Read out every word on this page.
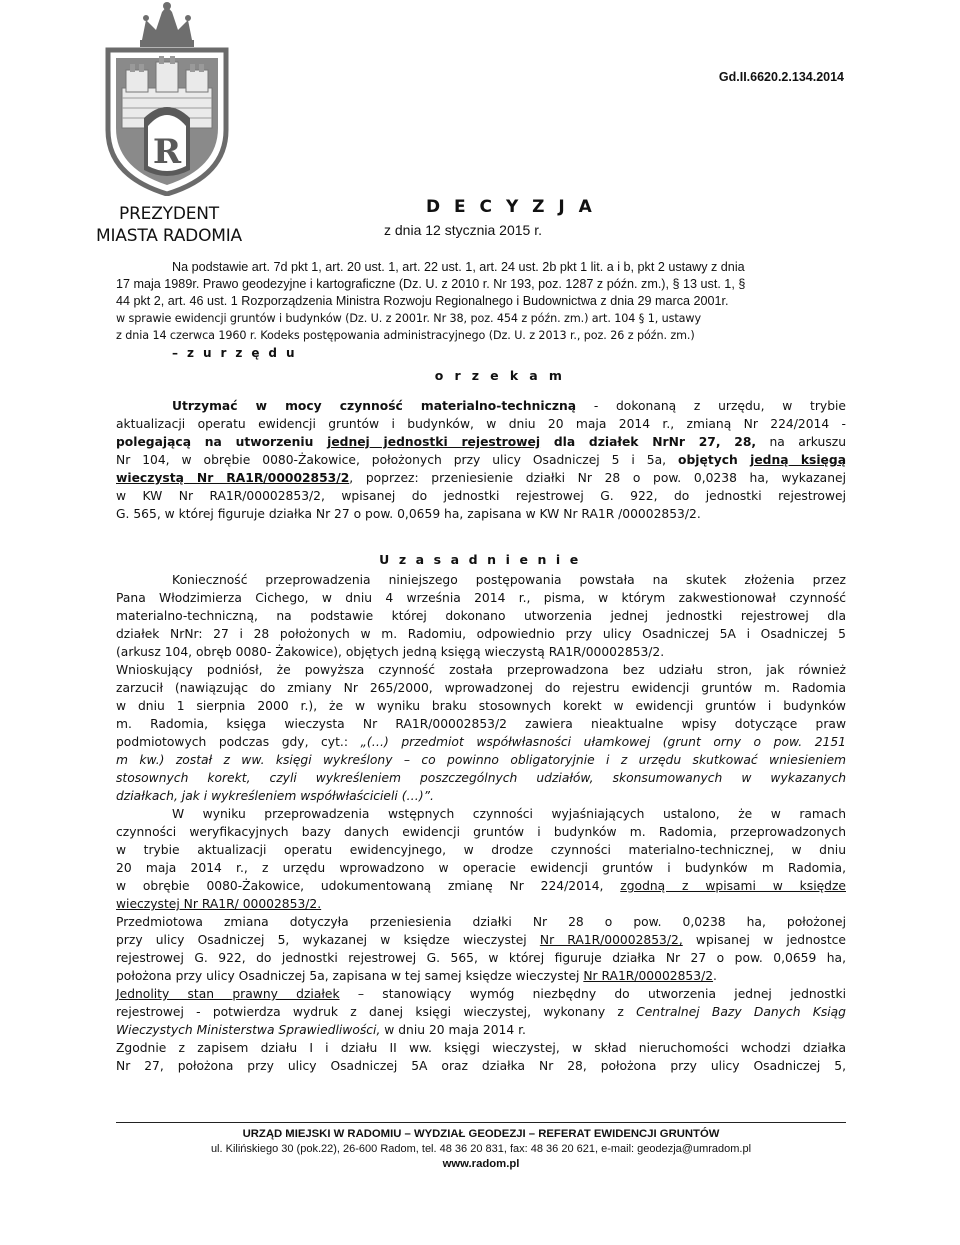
R
PREZYDENT
MIASTA RADOMIA
Gd.II.6620.2.134.2014
D E C Y Z J A
z dnia 12 stycznia 2015 r.
Na podstawie art. 7d pkt 1, art. 20 ust. 1, art. 22 ust. 1, art. 24 ust. 2b pkt 1 lit. a i b, pkt 2 ustawy z dnia
17 maja 1989r. Prawo geodezyjne i kartograficzne (Dz. U. z 2010 r. Nr 193, poz. 1287 z późn. zm.), § 13 ust. 1, §
44 pkt 2, art. 46 ust. 1 Rozporządzenia Ministra Rozwoju Regionalnego i Budownictwa z dnia 29 marca 2001r.
w sprawie ewidencji gruntów i budynków (Dz. U. z 2001r. Nr 38, poz. 454 z późn. zm.) art. 104 § 1, ustawy
z dnia 14 czerwca 1960 r. Kodeks postępowania administracyjnego (Dz. U. z 2013 r., poz. 26 z późn. zm.)
– z u r z ę d u
o r z e k a m
Utrzymać w mocy czynność materialno-techniczną - dokonaną z urzędu, w trybie
aktualizacji operatu ewidencji gruntów i budynków, w dniu 20 maja 2014 r., zmianą Nr 224/2014 -
polegającą na utworzeniu jednej jednostki rejestrowej dla działek NrNr 27, 28, na arkuszu
Nr 104, w obrębie 0080-Żakowice, położonych przy ulicy Osadniczej 5 i 5a, objętych jedną księgą
wieczystą Nr RA1R/00002853/2, poprzez: przeniesienie działki Nr 28 o pow. 0,0238 ha, wykazanej
w KW Nr RA1R/00002853/2, wpisanej do jednostki rejestrowej G. 922, do jednostki rejestrowej
G. 565, w której figuruje działka Nr 27 o pow. 0,0659 ha, zapisana w KW Nr RA1R /00002853/2.
U z a s a d n i e n i e
Konieczność przeprowadzenia niniejszego postępowania powstała na skutek złożenia przez
Pana Włodzimierza Cichego, w dniu 4 września 2014 r., pisma, w którym zakwestionował czynność
materialno-techniczną, na podstawie której dokonano utworzenia jednej jednostki rejestrowej dla
działek NrNr: 27 i 28 położonych w m. Radomiu, odpowiednio przy ulicy Osadniczej 5A i Osadniczej 5
(arkusz 104, obręb 0080- Żakowice), objętych jedną księgą wieczystą RA1R/00002853/2.
Wnioskujący podniósł, że powyższa czynność została przeprowadzona bez udziału stron, jak również
zarzucił (nawiązując do zmiany Nr 265/2000, wprowadzonej do rejestru ewidencji gruntów m. Radomia
w dniu 1 sierpnia 2000 r.), że w wyniku braku stosownych korekt w ewidencji gruntów i budynków
m. Radomia, księga wieczysta Nr RA1R/00002853/2 zawiera nieaktualne wpisy dotyczące praw
podmiotowych podczas gdy, cyt.: „(…) przedmiot współwłasności ułamkowej (grunt orny o pow. 2151
m kw.) został z ww. księgi wykreślony – co powinno obligatoryjnie i z urzędu skutkować wniesieniem
stosownych korekt, czyli wykreśleniem poszczególnych udziałów, skonsumowanych w wykazanych
działkach, jak i wykreśleniem współwłaścicieli (…)”.
W wyniku przeprowadzenia wstępnych czynności wyjaśniających ustalono, że w ramach
czynności weryfikacyjnych bazy danych ewidencji gruntów i budynków m. Radomia, przeprowadzonych
w trybie aktualizacji operatu ewidencyjnego, w drodze czynności materialno-technicznej, w dniu
20 maja 2014 r., z urzędu wprowadzono w operacie ewidencji gruntów i budynków m Radomia,
w obrębie 0080-Żakowice, udokumentowaną zmianę Nr 224/2014, zgodną z wpisami w księdze
wieczystej Nr RA1R/ 00002853/2.
Przedmiotowa zmiana dotyczyła przeniesienia działki Nr 28 o pow. 0,0238 ha, położonej
przy ulicy Osadniczej 5, wykazanej w księdze wieczystej Nr RA1R/00002853/2, wpisanej w jednostce
rejestrowej G. 922, do jednostki rejestrowej G. 565, w której figuruje działka Nr 27 o pow. 0,0659 ha,
położona przy ulicy Osadniczej 5a, zapisana w tej samej księdze wieczystej Nr RA1R/00002853/2.
Jednolity stan prawny działek – stanowiący wymóg niezbędny do utworzenia jednej jednostki
rejestrowej - potwierdza wydruk z danej księgi wieczystej, wykonany z Centralnej Bazy Danych Ksiąg
Wieczystych Ministerstwa Sprawiedliwości, w dniu 20 maja 2014 r.
Zgodnie z zapisem działu I i działu II ww. księgi wieczystej, w skład nieruchomości wchodzi działka
Nr 27, położona przy ulicy Osadniczej 5A oraz działka Nr 28, położona przy ulicy Osadniczej 5,
URZĄD MIEJSKI W RADOMIU – WYDZIAŁ GEODEZJI – REFERAT EWIDENCJI GRUNTÓW
ul. Kilińskiego 30 (pok.22), 26-600 Radom, tel. 48 36 20 831, fax: 48 36 20 621, e-mail: geodezja@umradom.pl
www.radom.pl
